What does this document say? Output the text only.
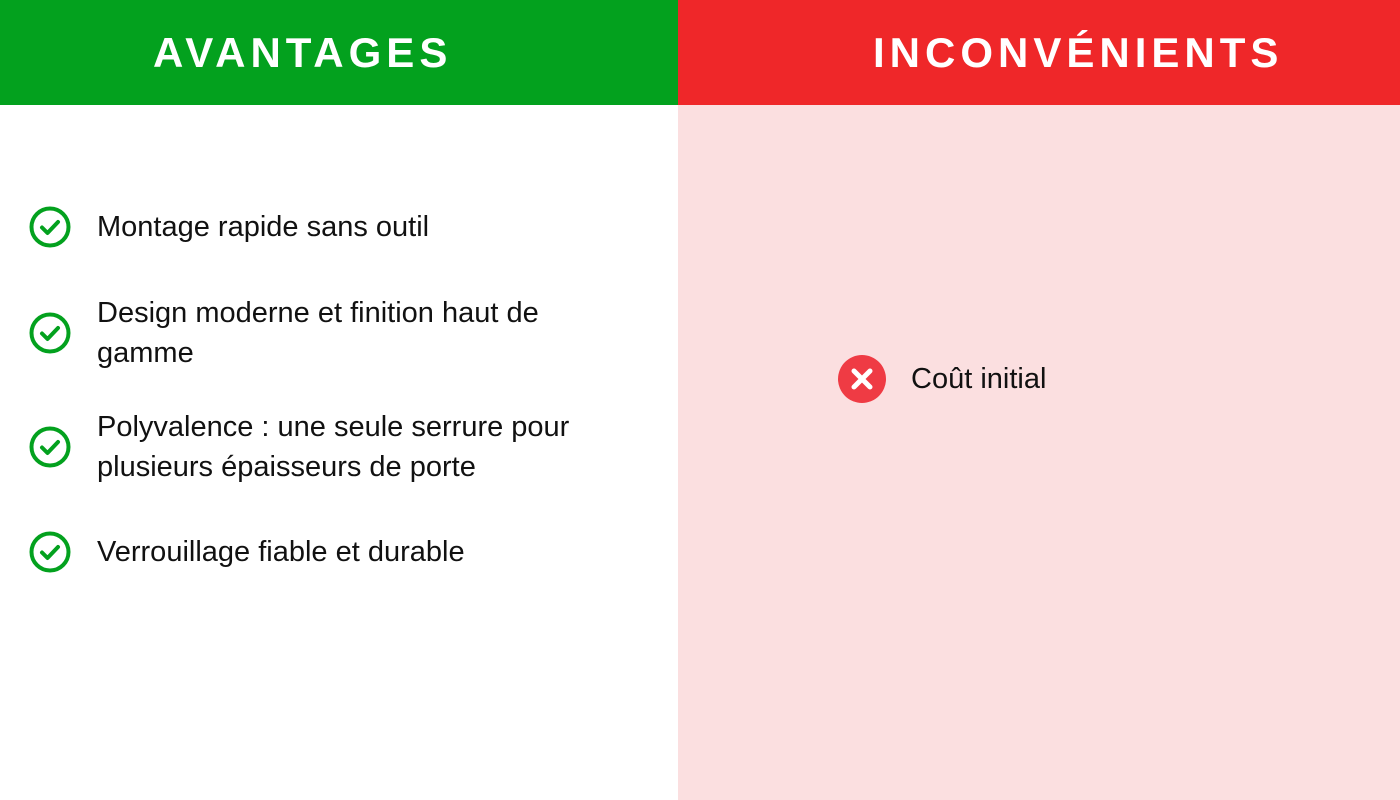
AVANTAGES
Montage rapide sans outil
Design moderne et finition haut de gamme
Polyvalence : une seule serrure pour plusieurs épaisseurs de porte
Verrouillage fiable et durable
INCONVÉNIENTS
Coût initial
